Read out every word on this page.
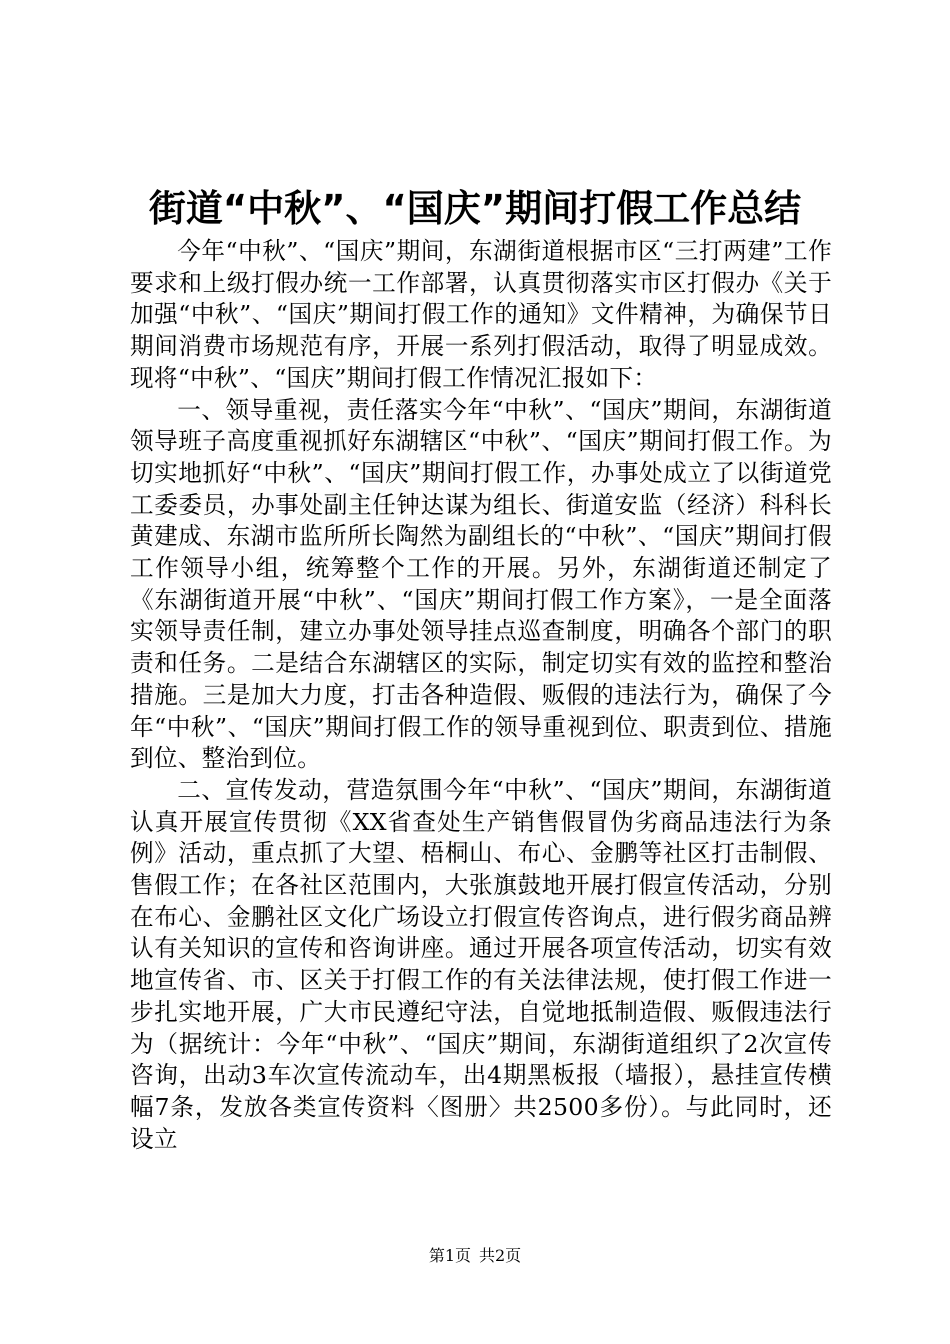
街道“中秋”、“国庆”期间打假工作总结

今年“中秋”、“国庆”期间，东湖街道根据市区“三打两建”工作要求和上级打假办统一工作部署，认真贯彻落实市区打假办《关于加强“中秋”、“国庆”期间打假工作的通知》文件精神，为确保节日期间消费市场规范有序，开展一系列打假活动，取得了明显成效。现将“中秋”、“国庆”期间打假工作情况汇报如下：

一、领导重视，责任落实今年“中秋”、“国庆”期间，东湖街道领导班子高度重视抓好东湖辖区“中秋”、“国庆”期间打假工作。为切实地抓好“中秋”、“国庆”期间打假工作，办事处成立了以街道党工委委员，办事处副主任钟达谋为组长、街道安监（经济）科科长黄建成、东湖市监所所长陶然为副组长的“中秋”、“国庆”期间打假工作领导小组，统筹整个工作的开展。另外，东湖街道还制定了《东湖街道开展“中秋”、“国庆”期间打假工作方案》，一是全面落实领导责任制，建立办事处领导挂点巡查制度，明确各个部门的职责和任务。二是结合东湖辖区的实际，制定切实有效的监控和整治措施。三是加大力度，打击各种造假、贩假的违法行为，确保了今年“中秋”、“国庆”期间打假工作的领导重视到位、职责到位、措施到位、整治到位。

二、宣传发动，营造氛围今年“中秋”、“国庆”期间，东湖街道认真开展宣传贯彻《XX省查处生产销售假冒伪劣商品违法行为条例》活动，重点抓了大望、梧桐山、布心、金鹏等社区打击制假、售假工作；在各社区范围内，大张旗鼓地开展打假宣传活动，分别在布心、金鹏社区文化广场设立打假宣传咨询点，进行假劣商品辨认有关知识的宣传和咨询讲座。通过开展各项宣传活动，切实有效地宣传省、市、区关于打假工作的有关法律法规，使打假工作进一步扎实地开展，广大市民遵纪守法，自觉地抵制造假、贩假违法行为（据统计：今年“中秋”、“国庆”期间，东湖街道组织了2次宣传咨询，出动3车次宣传流动车，出4期黑板报（墙报），悬挂宣传横幅7条，发放各类宣传资料〈图册〉共2500多份）。与此同时，还设立

第1页 共2页
